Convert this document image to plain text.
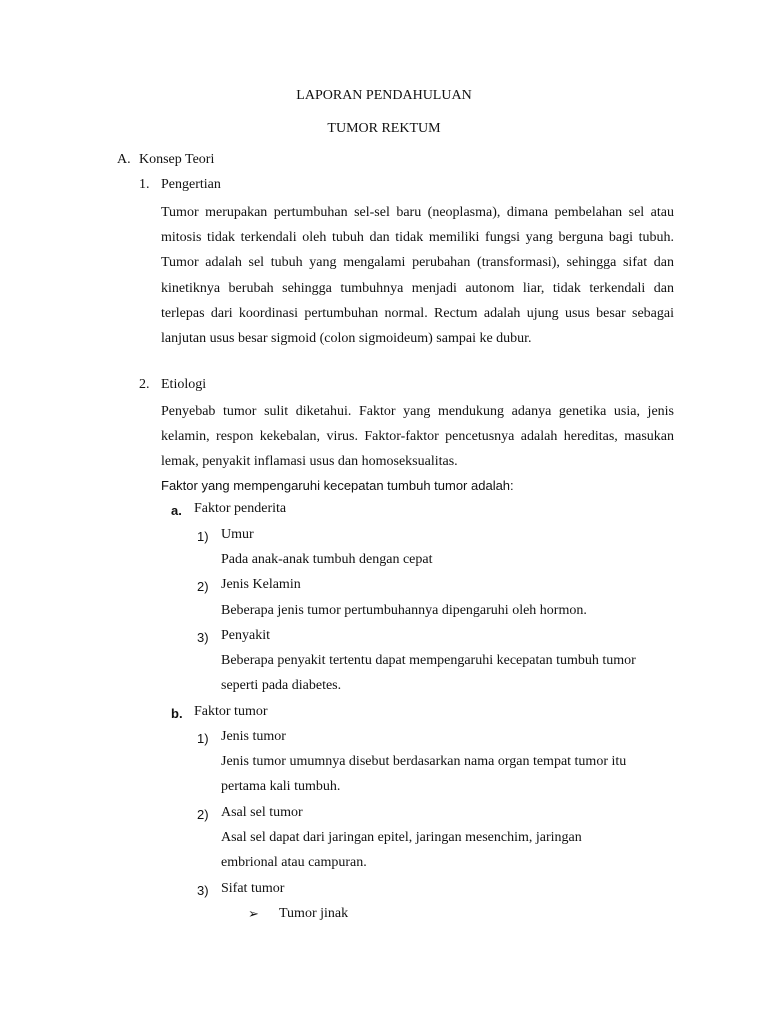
LAPORAN PENDAHULUAN
TUMOR REKTUM
A. Konsep Teori
1. Pengertian
Tumor merupakan pertumbuhan sel-sel baru (neoplasma), dimana pembelahan sel atau mitosis tidak terkendali oleh tubuh dan tidak memiliki fungsi yang berguna bagi tubuh. Tumor adalah sel tubuh yang mengalami perubahan (transformasi), sehingga sifat dan kinetiknya berubah sehingga tumbuhnya menjadi autonom liar, tidak terkendali dan terlepas dari koordinasi pertumbuhan normal. Rectum adalah ujung usus besar sebagai lanjutan usus besar sigmoid (colon sigmoideum) sampai ke dubur.
2. Etiologi
Penyebab tumor sulit diketahui. Faktor yang mendukung adanya genetika usia, jenis kelamin, respon kekebalan, virus. Faktor-faktor pencetusnya adalah hereditas, masukan lemak, penyakit inflamasi usus dan homoseksualitas.
Faktor yang mempengaruhi kecepatan tumbuh tumor adalah:
a. Faktor penderita
1) Umur
Pada anak-anak tumbuh dengan cepat
2) Jenis Kelamin
Beberapa jenis tumor pertumbuhannya dipengaruhi oleh hormon.
3) Penyakit
Beberapa penyakit tertentu dapat mempengaruhi kecepatan tumbuh tumor seperti pada diabetes.
b. Faktor tumor
1) Jenis tumor
Jenis tumor umumnya disebut berdasarkan nama organ tempat tumor itu pertama kali tumbuh.
2) Asal sel tumor
Asal sel dapat dari jaringan epitel, jaringan mesenchim, jaringan embrional atau campuran.
3) Sifat tumor
➢ Tumor jinak
